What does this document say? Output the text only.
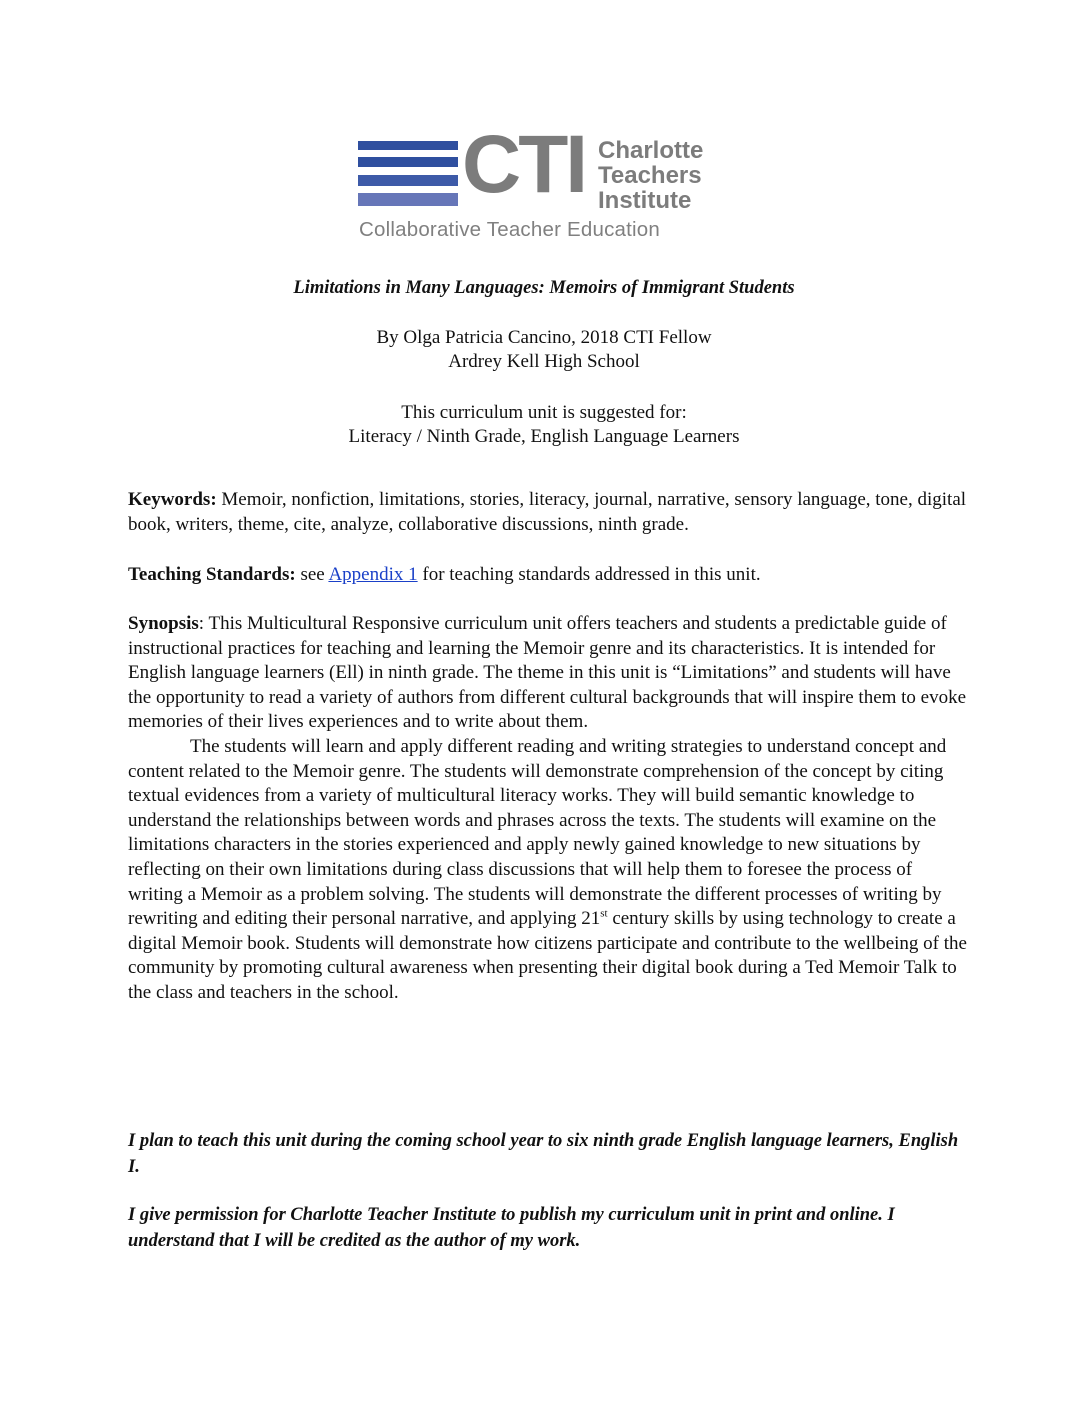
CTI Charlotte
Teachers
Institute
Collaborative Teacher Education
Limitations in Many Languages: Memoirs of Immigrant Students
By Olga Patricia Cancino, 2018 CTI Fellow
Ardrey Kell High School
This curriculum unit is suggested for:
Literacy / Ninth Grade, English Language Learners
Keywords: Memoir, nonfiction, limitations, stories, literacy, journal, narrative, sensory language, tone, digital book, writers, theme, cite, analyze, collaborative discussions, ninth grade.
Teaching Standards: see Appendix 1 for teaching standards addressed in this unit.
Synopsis: This Multicultural Responsive curriculum unit offers teachers and students a predictable guide of instructional practices for teaching and learning the Memoir genre and its characteristics. It is intended for English language learners (Ell) in ninth grade. The theme in this unit is “Limitations” and students will have the opportunity to read a variety of authors from different cultural backgrounds that will inspire them to evoke memories of their lives experiences and to write about them.
The students will learn and apply different reading and writing strategies to understand concept and content related to the Memoir genre. The students will demonstrate comprehension of the concept by citing textual evidences from a variety of multicultural literacy works. They will build semantic knowledge to understand the relationships between words and phrases across the texts. The students will examine on the limitations characters in the stories experienced and apply newly gained knowledge to new situations by reflecting on their own limitations during class discussions that will help them to foresee the process of writing a Memoir as a problem solving. The students will demonstrate the different processes of writing by rewriting and editing their personal narrative, and applying 21st century skills by using technology to create a digital Memoir book. Students will demonstrate how citizens participate and contribute to the wellbeing of the community by promoting cultural awareness when presenting their digital book during a Ted Memoir Talk to the class and teachers in the school.
I plan to teach this unit during the coming school year to six ninth grade English language learners, English I.
I give permission for Charlotte Teacher Institute to publish my curriculum unit in print and online. I understand that I will be credited as the author of my work.
